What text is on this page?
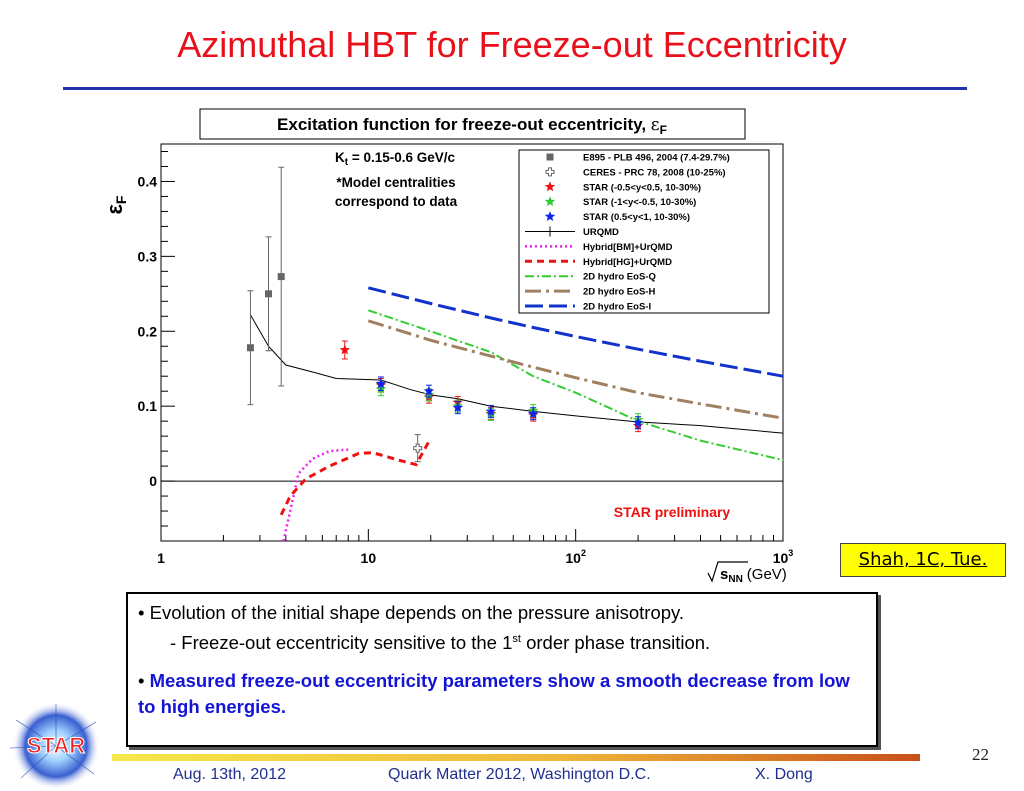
Azimuthal HBT for Freeze-out Eccentricity
Excitation function for freeze-out eccentricity, $\varepsilon_F$
0
0.1
0.2
0.3
0.4
1	10	$10^2$	$10^3$
εF
$s_{NN}$ (GeV)
$K_t = 0.15-0.6$ GeV/c
*Model centralities
correspond to data
E895 - PLB 496, 2004 (7.4-29.7%)
CERES - PRC 78, 2008 (10-25%)
STAR (-0.5<y<0.5, 10-30%)
STAR (-1<y<-0.5, 10-30%)
STAR (0.5<y<1, 10-30%)
URQMD
Hybrid[BM]+UrQMD
Hybrid[HG]+UrQMD
2D hydro EoS-Q
2D hydro EoS-H
2D hydro EoS-I
STAR preliminary
Shah, 1C, Tue.
• Evolution of the initial shape depends on the pressure anisotropy.
- Freeze-out eccentricity sensitive to the 1st order phase transition.
• Measured freeze-out eccentricity parameters show a smooth decrease from low to high energies.
STAR	22
Aug. 13th, 2012	Quark Matter 2012, Washington D.C.	X. Dong
